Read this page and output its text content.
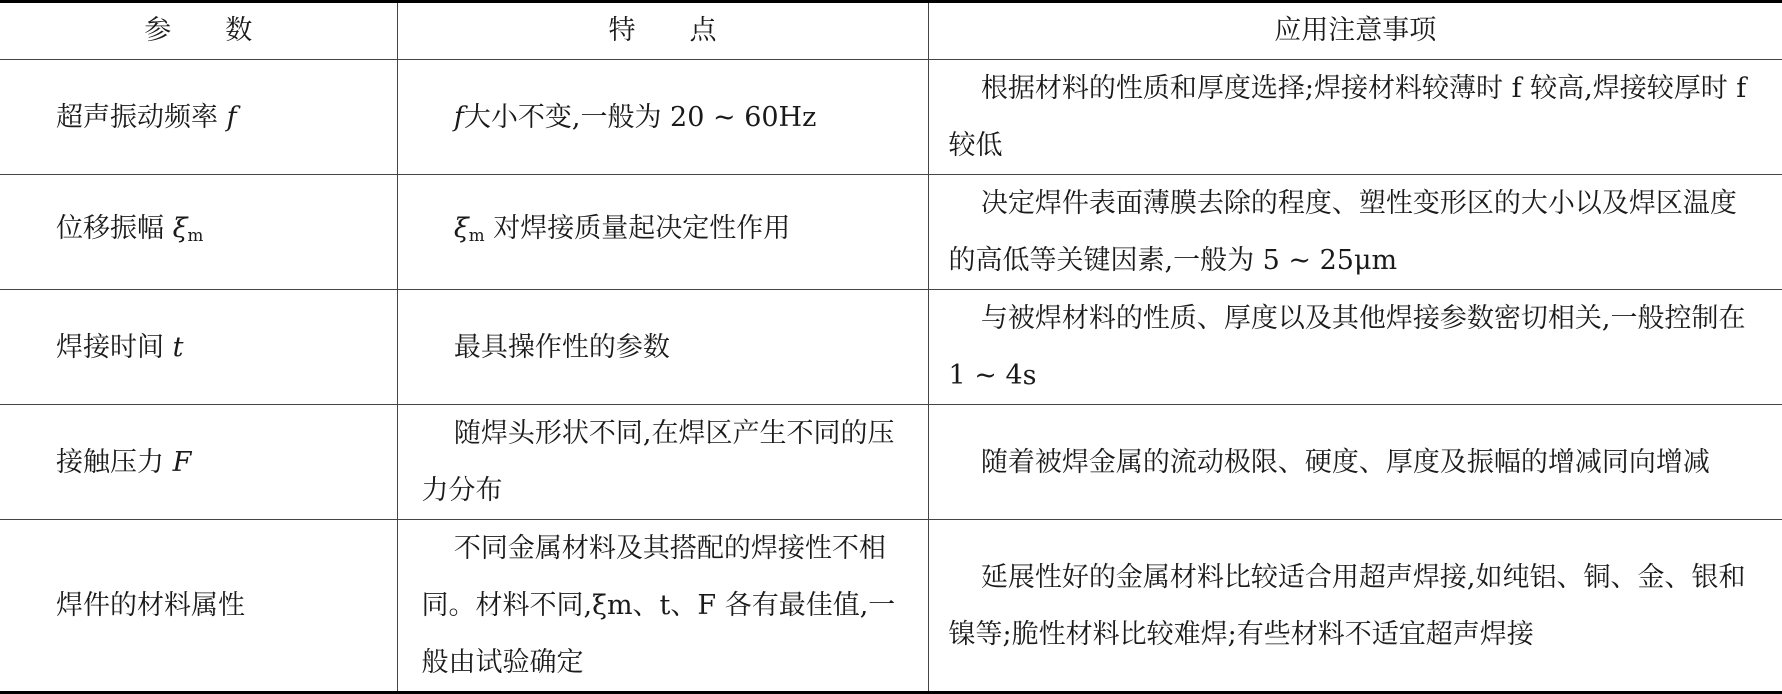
参　　数	特　　点	应用注意事项
超声振动频率 f	f大小不变,一般为 20 ~ 60Hz	根据材料的性质和厚度选择;焊接材料较薄时 f 较高,焊接较厚时 f 较低

位移振幅 $\xi_m$	$\xi_m$ 对焊接质量起决定性作用	决定焊件表面薄膜去除的程度、塑性变形区的大小以及焊区温度的高低等关键因素,一般为 5 ~ 25μm

焊接时间 t	最具操作性的参数	与被焊材料的性质、厚度以及其他焊接参数密切相关,一般控制在 1 ~ 4s

接触压力 F	随焊头形状不同,在焊区产生不同的压力分布	随着被焊金属的流动极限、硬度、厚度及振幅的增减同向增减

焊件的材料属性	不同金属材料及其搭配的焊接性不相同。材料不同,ξm、t、F 各有最佳值,一般由试验确定	延展性好的金属材料比较适合用超声焊接,如纯铝、铜、金、银和镍等;脆性材料比较难焊;有些材料不适宜超声焊接
